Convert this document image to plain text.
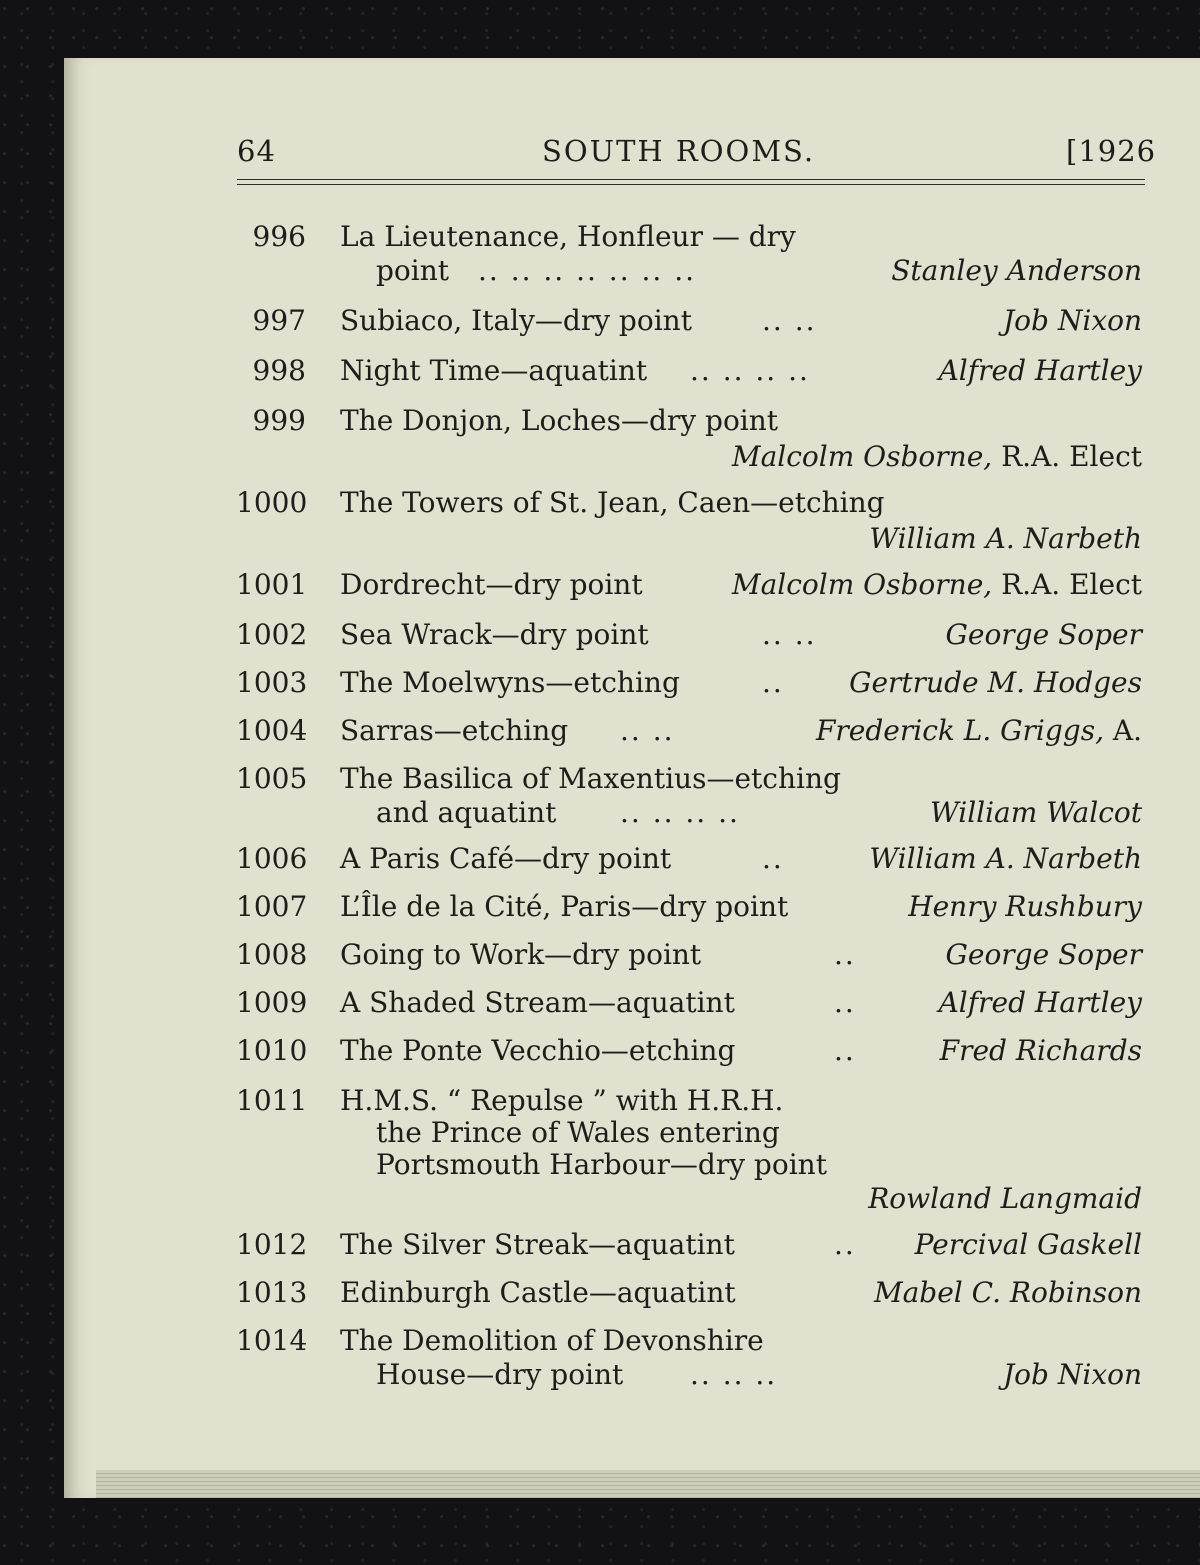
64	SOUTH ROOMS.	[1926
996 La Lieutenance, Honfleur — dry
point .. .. .. .. .. .. ..	Stanley Anderson
997 Subiaco, Italy—dry point	.. ..	Job Nixon
998 Night Time—aquatint .. .. .. ..	Alfred Hartley
999 The Donjon, Loches—dry point
Malcolm Osborne, R.A. Elect
1000 The Towers of St. Jean, Caen—etching
William A. Narbeth
1001 Dordrecht—dry point	Malcolm Osborne, R.A. Elect
1002 Sea Wrack—dry point	.. ..	George Soper
1003 The Moelwyns—etching	.. Gertrude M. Hodges
1004 Sarras—etching .. ..	Frederick L. Griggs, A.
1005 The Basilica of Maxentius—etching
and aquatint .. .. .. ..	William Walcot
1006 A Paris Café—dry point	..	William A. Narbeth
1007 L’Île de la Cité, Paris—dry point	Henry Rushbury
1008 Going to Work—dry point	..	George Soper
1009 A Shaded Stream—aquatint	..	Alfred Hartley
1010 The Ponte Vecchio—etching	..	Fred Richards
1011 H.M.S. “ Repulse ” with H.R.H.
the Prince of Wales entering
Portsmouth Harbour—dry point
Rowland Langmaid
1012 The Silver Streak—aquatint	.. Percival Gaskell
1013 Edinburgh Castle—aquatint	Mabel C. Robinson
1014 The Demolition of Devonshire
House—dry point .. .. ..	Job Nixon
